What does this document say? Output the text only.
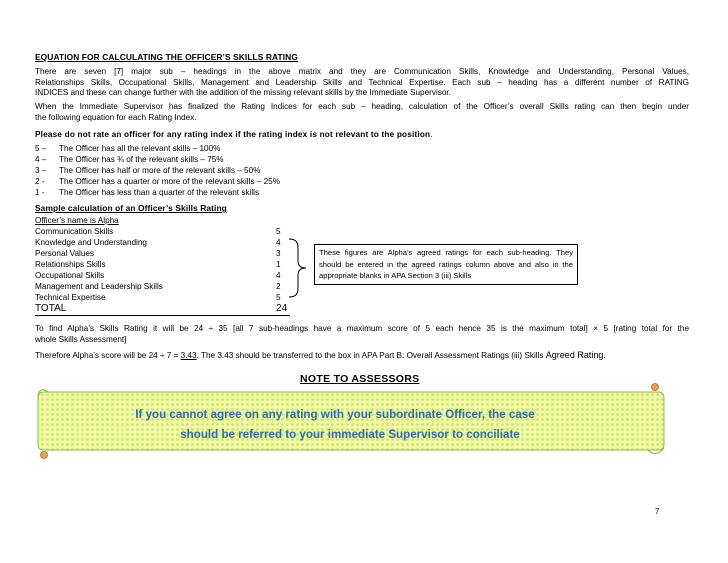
EQUATION FOR CALCULATING THE OFFICER’S SKILLS RATING
There are seven [7] major sub – headings in the above matrix and they are Communication Skills, Knowledge and Understanding, Personal Values,
Relationships Skills, Occupational Skills, Management and Leadership Skills and Technical Expertise. Each sub – heading has a different number of RATING
INDICES and these can change further with the addition of the missing relevant skills by the Immediate Supervisor.
When the Immediate Supervisor has finalized the Rating Indices for each sub – heading, calculation of the Officer’s overall Skills rating can then begin under
the following equation for each Rating Index.
Please do not rate an officer for any rating index if the rating index is not relevant to the position.
5 – The Officer has all the relevant skills – 100%
4 – The Officer has ¾ of the relevant skills – 75%
3 – The Officer has half or more of the relevant skills – 50%
2 - The Officer has a quarter or more of the relevant skills – 25%
1 - The Officer has less than a quarter of the relevant skills
Sample calculation of an Officer’s Skills Rating
Officer’s name is Alpha
Communication Skills	5
Knowledge and Understanding	4
Personal Values	3
Relationships Skills	1
Occupational Skills	4
Management and Leadership Skills	2
Technical Expertise	5
TOTAL	24
These figures are Alpha’s agreed ratings for each sub-heading. They should be entered in the agreed ratings column above and also in the appropriate blanks in APA Section 3 (iii) Skills
To find Alpha’s Skills Rating it will be 24 ÷ 35 [all 7 sub-headings have a maximum score of 5 each hence 35 is the maximum total] × 5 [rating total for the
whole Skills Assessment]
Therefore Alpha’s score will be 24 ÷ 7 = 3.43. The 3.43 should be transferred to the box in APA Part B: Overall Assessment Ratings (iii) Skills Agreed Rating.
NOTE TO ASSESSORS
If you cannot agree on any rating with your subordinate Officer, the case
should be referred to your immediate Supervisor to conciliate
7
